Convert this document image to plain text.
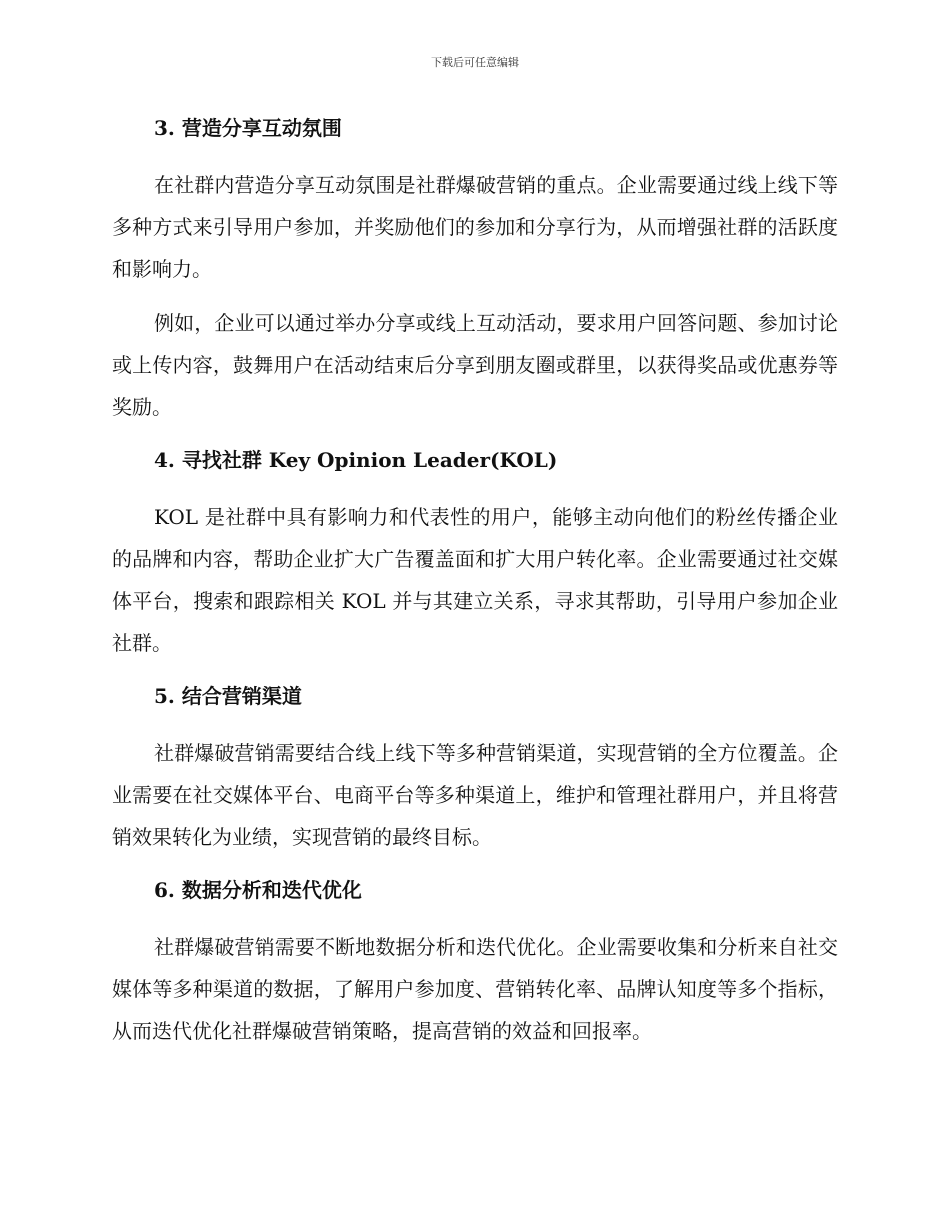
下载后可任意编辑
3. 营造分享互动氛围

在社群内营造分享互动氛围是社群爆破营销的重点。企业需要通过线上线下等多种方式来引导用户参加，并奖励他们的参加和分享行为，从而增强社群的活跃度和影响力。

例如，企业可以通过举办分享或线上互动活动，要求用户回答问题、参加讨论或上传内容，鼓舞用户在活动结束后分享到朋友圈或群里，以获得奖品或优惠券等奖励。

4. 寻找社群 Key Opinion Leader(KOL)

KOL 是社群中具有影响力和代表性的用户，能够主动向他们的粉丝传播企业的品牌和内容，帮助企业扩大广告覆盖面和扩大用户转化率。企业需要通过社交媒体平台，搜索和跟踪相关 KOL 并与其建立关系，寻求其帮助，引导用户参加企业社群。

5. 结合营销渠道

社群爆破营销需要结合线上线下等多种营销渠道，实现营销的全方位覆盖。企业需要在社交媒体平台、电商平台等多种渠道上，维护和管理社群用户，并且将营销效果转化为业绩，实现营销的最终目标。

6. 数据分析和迭代优化

社群爆破营销需要不断地数据分析和迭代优化。企业需要收集和分析来自社交媒体等多种渠道的数据，了解用户参加度、营销转化率、品牌认知度等多个指标，从而迭代优化社群爆破营销策略，提高营销的效益和回报率。
